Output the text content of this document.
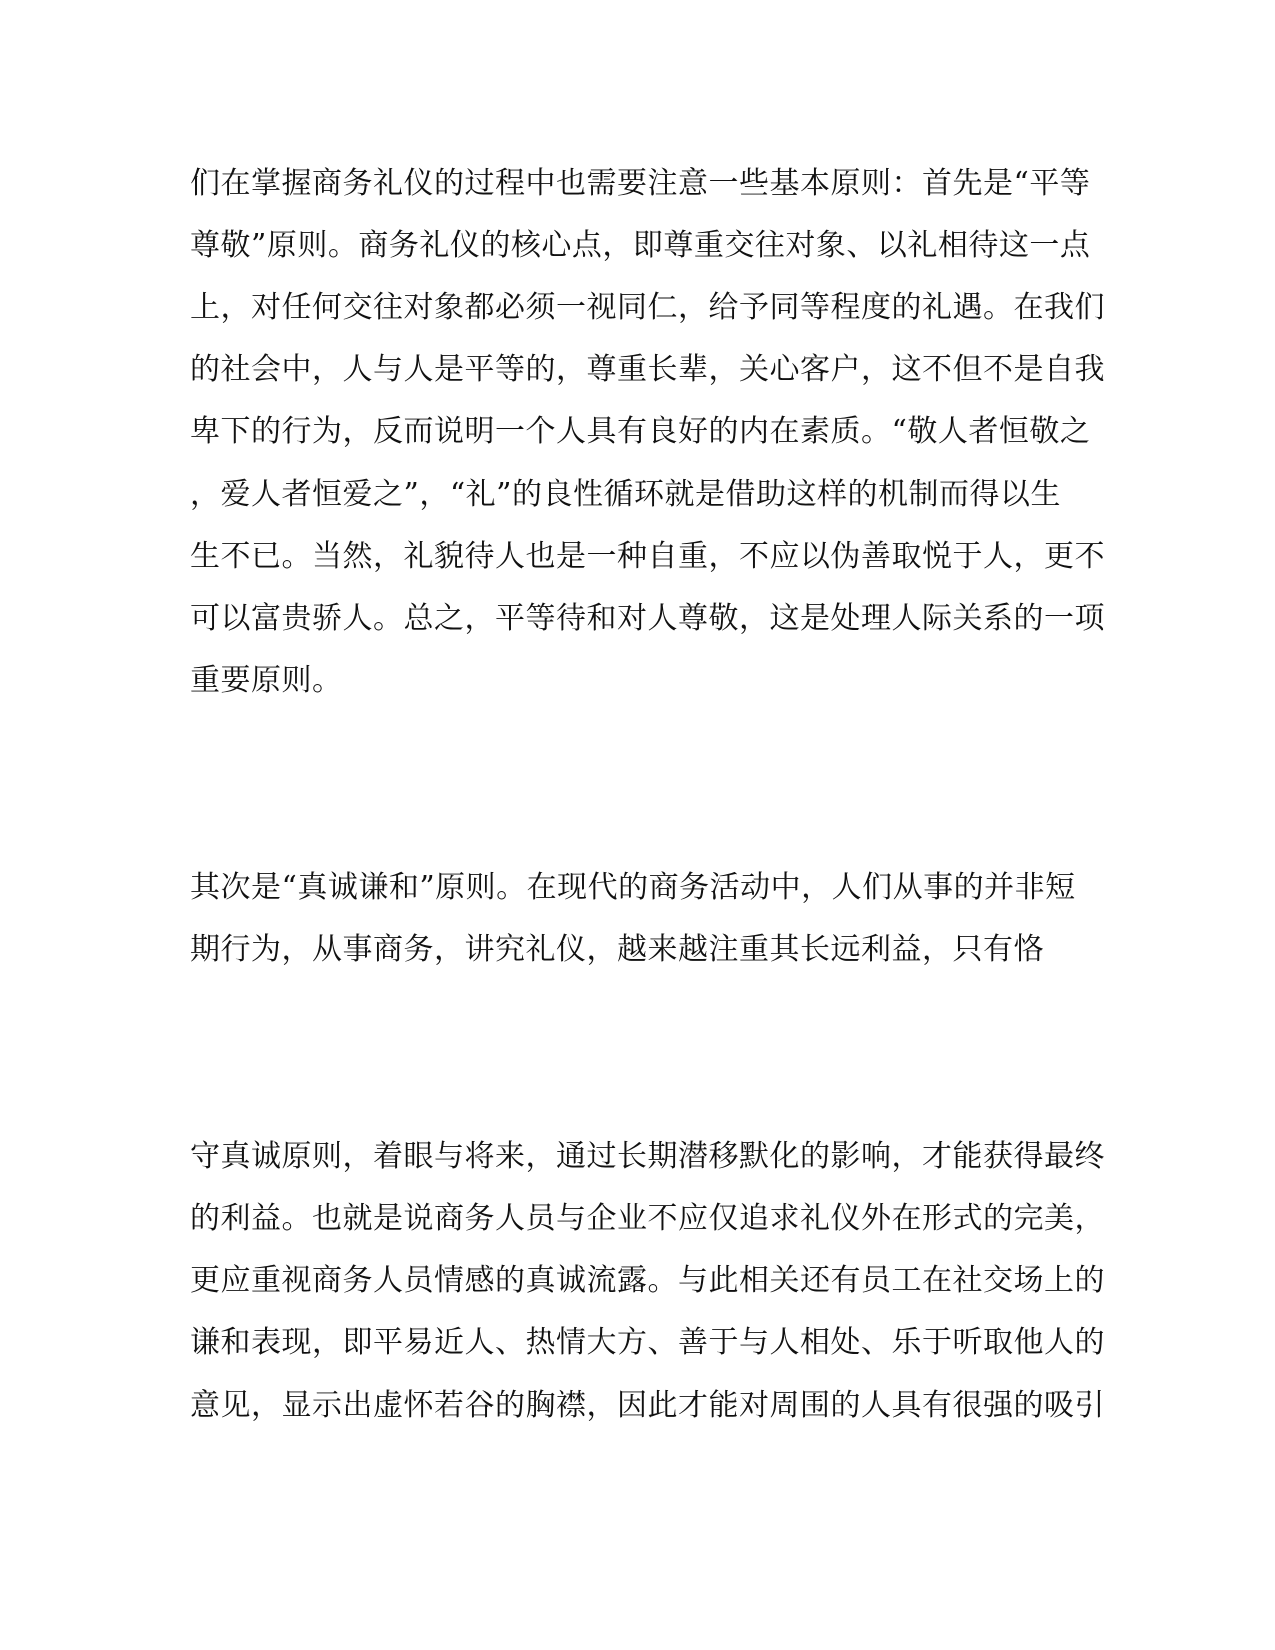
们在掌握商务礼仪的过程中也需要注意一些基本原则：首先是“平等

尊敬”原则。商务礼仪的核心点，即尊重交往对象、以礼相待这一点

上，对任何交往对象都必须一视同仁，给予同等程度的礼遇。在我们

的社会中，人与人是平等的，尊重长辈，关心客户，这不但不是自我

卑下的行为，反而说明一个人具有良好的内在素质。“敬人者恒敬之

，爱人者恒爱之”，“礼”的良性循环就是借助这样的机制而得以生

生不已。当然，礼貌待人也是一种自重，不应以伪善取悦于人，更不

可以富贵骄人。总之，平等待和对人尊敬，这是处理人际关系的一项

重要原则。

其次是“真诚谦和”原则。在现代的商务活动中，人们从事的并非短

期行为，从事商务，讲究礼仪，越来越注重其长远利益，只有恪

守真诚原则，着眼与将来，通过长期潜移默化的影响，才能获得最终

的利益。也就是说商务人员与企业不应仅追求礼仪外在形式的完美，

更应重视商务人员情感的真诚流露。与此相关还有员工在社交场上的

谦和表现，即平易近人、热情大方、善于与人相处、乐于听取他人的

意见，显示出虚怀若谷的胸襟，因此才能对周围的人具有很强的吸引
